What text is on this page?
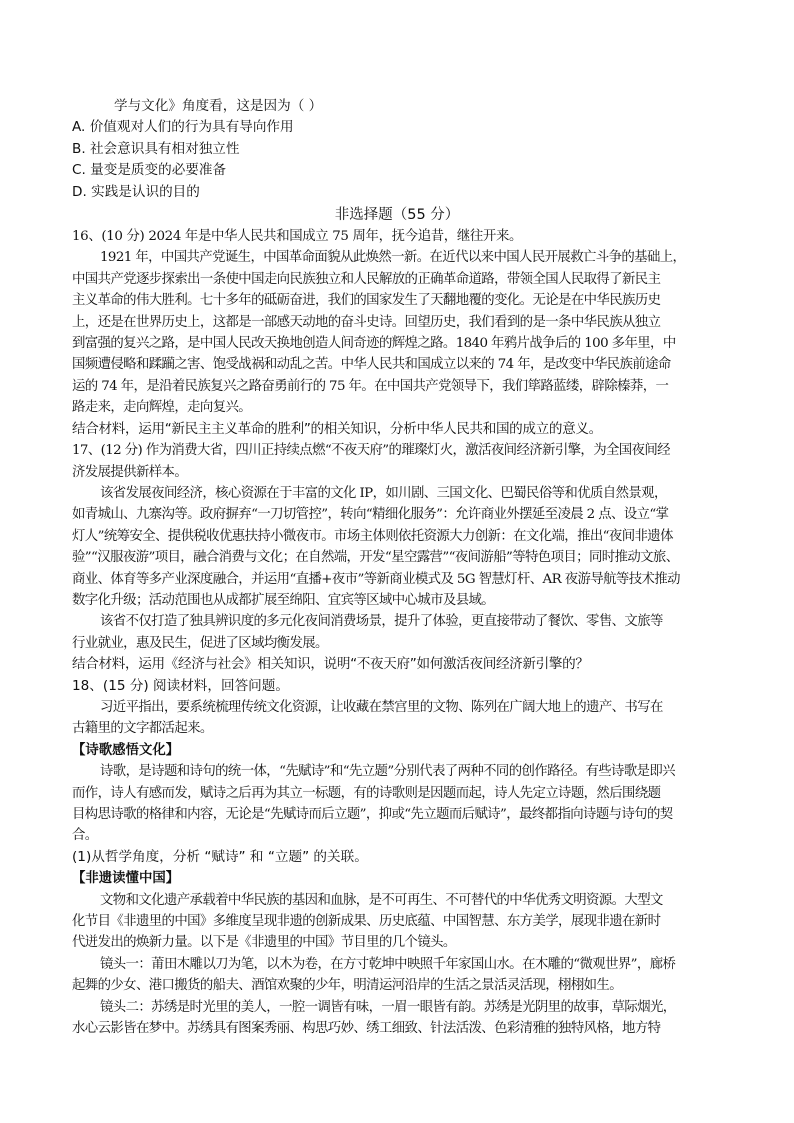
学与文化》角度看，这是因为（ ）
A. 价值观对人们的行为具有导向作用
B. 社会意识具有相对独立性
C. 量变是质变的必要准备
D. 实践是认识的目的
非选择题（55 分）
16、(10 分) 2024 年是中华人民共和国成立 75 周年，抚今追昔，继往开来。
1921 年，中国共产党诞生，中国革命面貌从此焕然一新。在近代以来中国人民开展救亡斗争的基础上，
中国共产党逐步探索出一条使中国走向民族独立和人民解放的正确革命道路，带领全国人民取得了新民主
主义革命的伟大胜利。七十多年的砥砺奋进，我们的国家发生了天翻地覆的变化。无论是在中华民族历史
上，还是在世界历史上，这都是一部感天动地的奋斗史诗。回望历史，我们看到的是一条中华民族从独立
到富强的复兴之路，是中国人民改天换地创造人间奇迹的辉煌之路。1840 年鸦片战争后的 100 多年里，中
国频遭侵略和蹂躏之害、饱受战祸和动乱之苦。中华人民共和国成立以来的 74 年，是改变中华民族前途命
运的 74 年，是沿着民族复兴之路奋勇前行的 75 年。在中国共产党领导下，我们筚路蓝缕，辟除榛莽，一
路走来，走向辉煌，走向复兴。
结合材料，运用“新民主主义革命的胜利”的相关知识，分析中华人民共和国的成立的意义。
17、(12 分) 作为消费大省，四川正持续点燃“不夜天府”的璀璨灯火，激活夜间经济新引擎，为全国夜间经
济发展提供新样本。
该省发展夜间经济，核心资源在于丰富的文化 IP，如川剧、三国文化、巴蜀民俗等和优质自然景观，
如青城山、九寨沟等。政府摒弃“一刀切管控”，转向“精细化服务”：允许商业外摆延至凌晨 2 点、设立“掌
灯人”统筹安全、提供税收优惠扶持小微夜市。市场主体则依托资源大力创新：在文化端，推出“夜间非遗体
验”“汉服夜游”项目，融合消费与文化；在自然端，开发“星空露营”“夜间游船”等特色项目；同时推动文旅、
商业、体育等多产业深度融合，并运用“直播+夜市”等新商业模式及 5G 智慧灯杆、AR 夜游导航等技术推动
数字化升级；活动范围也从成都扩展至绵阳、宜宾等区域中心城市及县域。
该省不仅打造了独具辨识度的多元化夜间消费场景，提升了体验，更直接带动了餐饮、零售、文旅等
行业就业，惠及民生，促进了区域均衡发展。
结合材料，运用《经济与社会》相关知识，说明“不夜天府”如何激活夜间经济新引擎的？
18、(15 分) 阅读材料，回答问题。
习近平指出，要系统梳理传统文化资源，让收藏在禁宫里的文物、陈列在广阔大地上的遗产、书写在
古籍里的文字都活起来。
【诗歌感悟文化】
诗歌，是诗题和诗句的统一体，“先赋诗”和“先立题”分别代表了两种不同的创作路径。有些诗歌是即兴
而作，诗人有感而发，赋诗之后再为其立一标题，有的诗歌则是因题而起，诗人先定立诗题，然后围绕题
目构思诗歌的格律和内容，无论是“先赋诗而后立题”，抑或“先立题而后赋诗”，最终都指向诗题与诗句的契
合。
(1)从哲学角度，分析 “赋诗” 和 “立题” 的关联。
【非遗读懂中国】
文物和文化遗产承载着中华民族的基因和血脉，是不可再生、不可替代的中华优秀文明资源。大型文
化节目《非遗里的中国》多维度呈现非遗的创新成果、历史底蕴、中国智慧、东方美学，展现非遗在新时
代迸发出的焕新力量。以下是《非遗里的中国》节目里的几个镜头。
镜头一：莆田木雕以刀为笔，以木为卷，在方寸乾坤中映照千年家国山水。在木雕的“微观世界”，廊桥
起舞的少女、港口搬货的船夫、酒馆欢聚的少年，明清运河沿岸的生活之景活灵活现，栩栩如生。
镜头二：苏绣是时光里的美人，一腔一调皆有味，一眉一眼皆有韵。苏绣是光阴里的故事，草际烟光，
水心云影皆在梦中。苏绣具有图案秀丽、构思巧妙、绣工细致、针法活泼、色彩清雅的独特风格，地方特
